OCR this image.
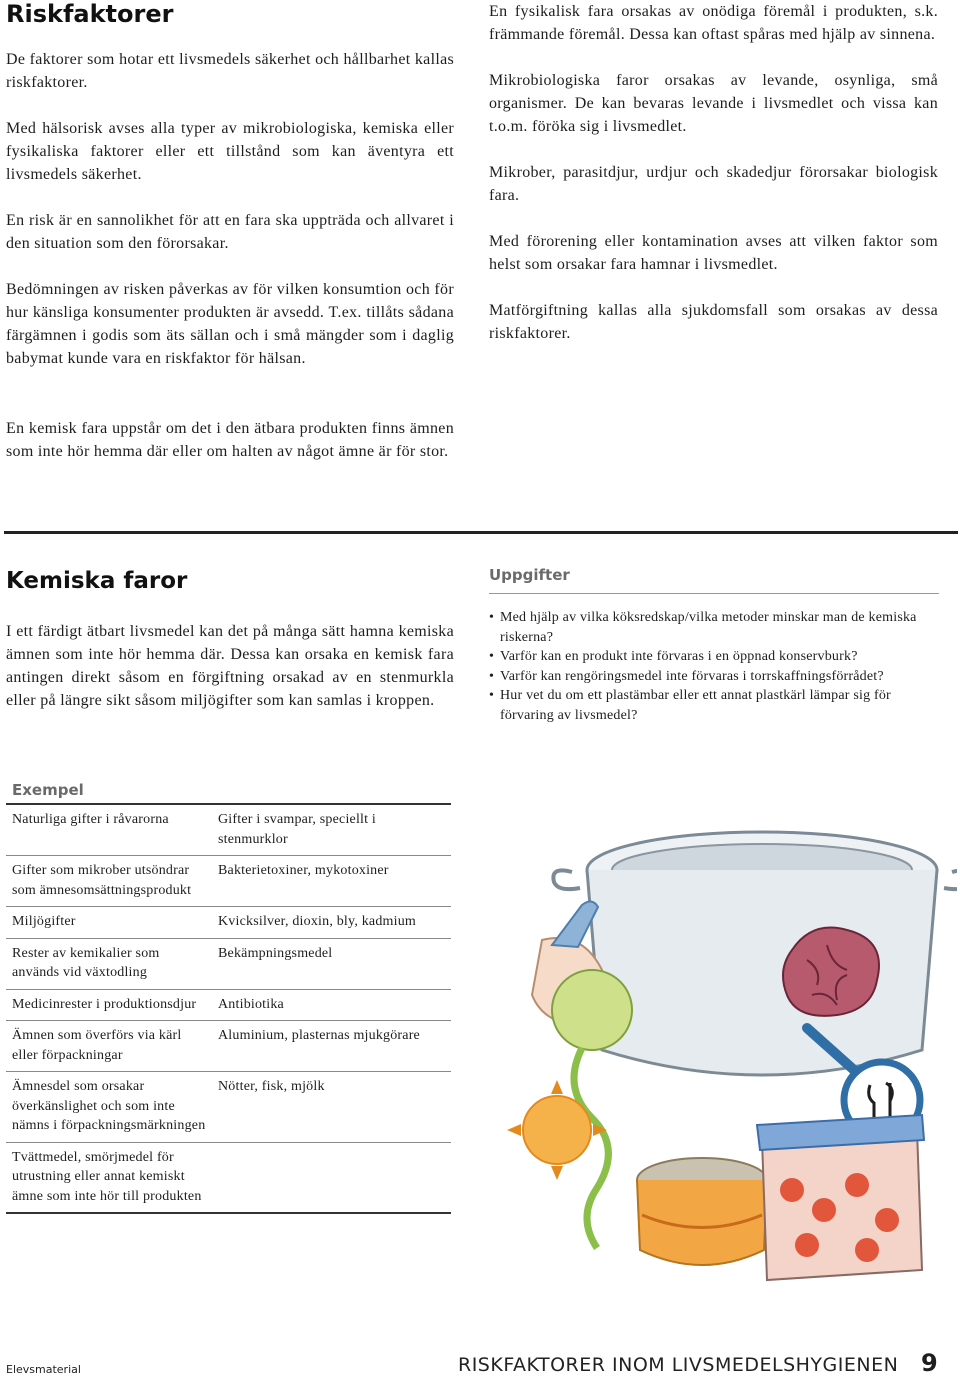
Riskfaktorer

De faktorer som hotar ett livsmedels säkerhet och hållbarhet kallas riskfaktorer.

Med hälsorisk avses alla typer av mikrobiologiska, kemiska eller fysikaliska faktorer eller ett tillstånd som kan äventyra ett livsmedels säkerhet.

En risk är en sannolikhet för att en fara ska uppträda och allvaret i den situation som den förorsakar.

Bedömningen av risken påverkas av för vilken konsumtion och för hur känsliga konsumenter produkten är avsedd. T.ex. tillåts sådana färgämnen i godis som äts sällan och i små mängder som i daglig babymat kunde vara en riskfaktor för hälsan.

En kemisk fara uppstår om det i den ätbara produkten finns ämnen som inte hör hemma där eller om halten av något ämne är för stor.

En fysikalisk fara orsakas av onödiga föremål i produkten, s.k. främmande föremål. Dessa kan oftast spåras med hjälp av sinnena.

Mikrobiologiska faror orsakas av levande, osynliga, små organismer. De kan bevaras levande i livsmedlet och vissa kan t.o.m. föröka sig i livsmedlet.

Mikrober, parasitdjur, urdjur och skadedjur förorsakar biologisk fara.

Med förorening eller kontamination avses att vilken faktor som helst som orsakar fara hamnar i livsmedlet.

Matförgiftning kallas alla sjukdomsfall som orsakas av dessa riskfaktorer.

Kemiska faror

I ett färdigt ätbart livsmedel kan det på många sätt hamna kemiska ämnen som inte hör hemma där. Dessa kan orsaka en kemisk fara antingen direkt såsom en förgiftning orsakad av en stenmurkla eller på längre sikt såsom miljögifter som kan samlas i kroppen.

Uppgifter
• Med hjälp av vilka köksredskap/vilka metoder minskar man de kemiska riskerna?
• Varför kan en produkt inte förvaras i en öppnad konservburk?
• Varför kan rengöringsmedel inte förvaras i torrskaffningsförrådet?
• Hur vet du om ett plastämbar eller ett annat plastkärl lämpar sig för förvaring av livsmedel?
Exempel
Naturliga gifter i råvarorna	Gifter i svampar, speciellt i stenmurklor
Gifter som mikrober utsöndrar som ämnesomsättningsprodukt	Bakterietoxiner, mykotoxiner
Miljögifter	Kvicksilver, dioxin, bly, kadmium
Rester av kemikalier som används vid växtodling	Bekämpningsmedel
Medicinrester i produktionsdjur	Antibiotika
Ämnen som överförs via kärl eller förpackningar	Aluminium, plasternas mjukgörare
Ämnesdel som orsakar överkänslighet och som inte nämns i förpackningsmärkningen	Nötter, fisk, mjölk
Tvättmedel, smörjmedel för utrustning eller annat kemiskt ämne som inte hör till produkten	
Elevsmaterial	RISKFAKTORER INOM LIVSMEDELSHYGIENEN 9
